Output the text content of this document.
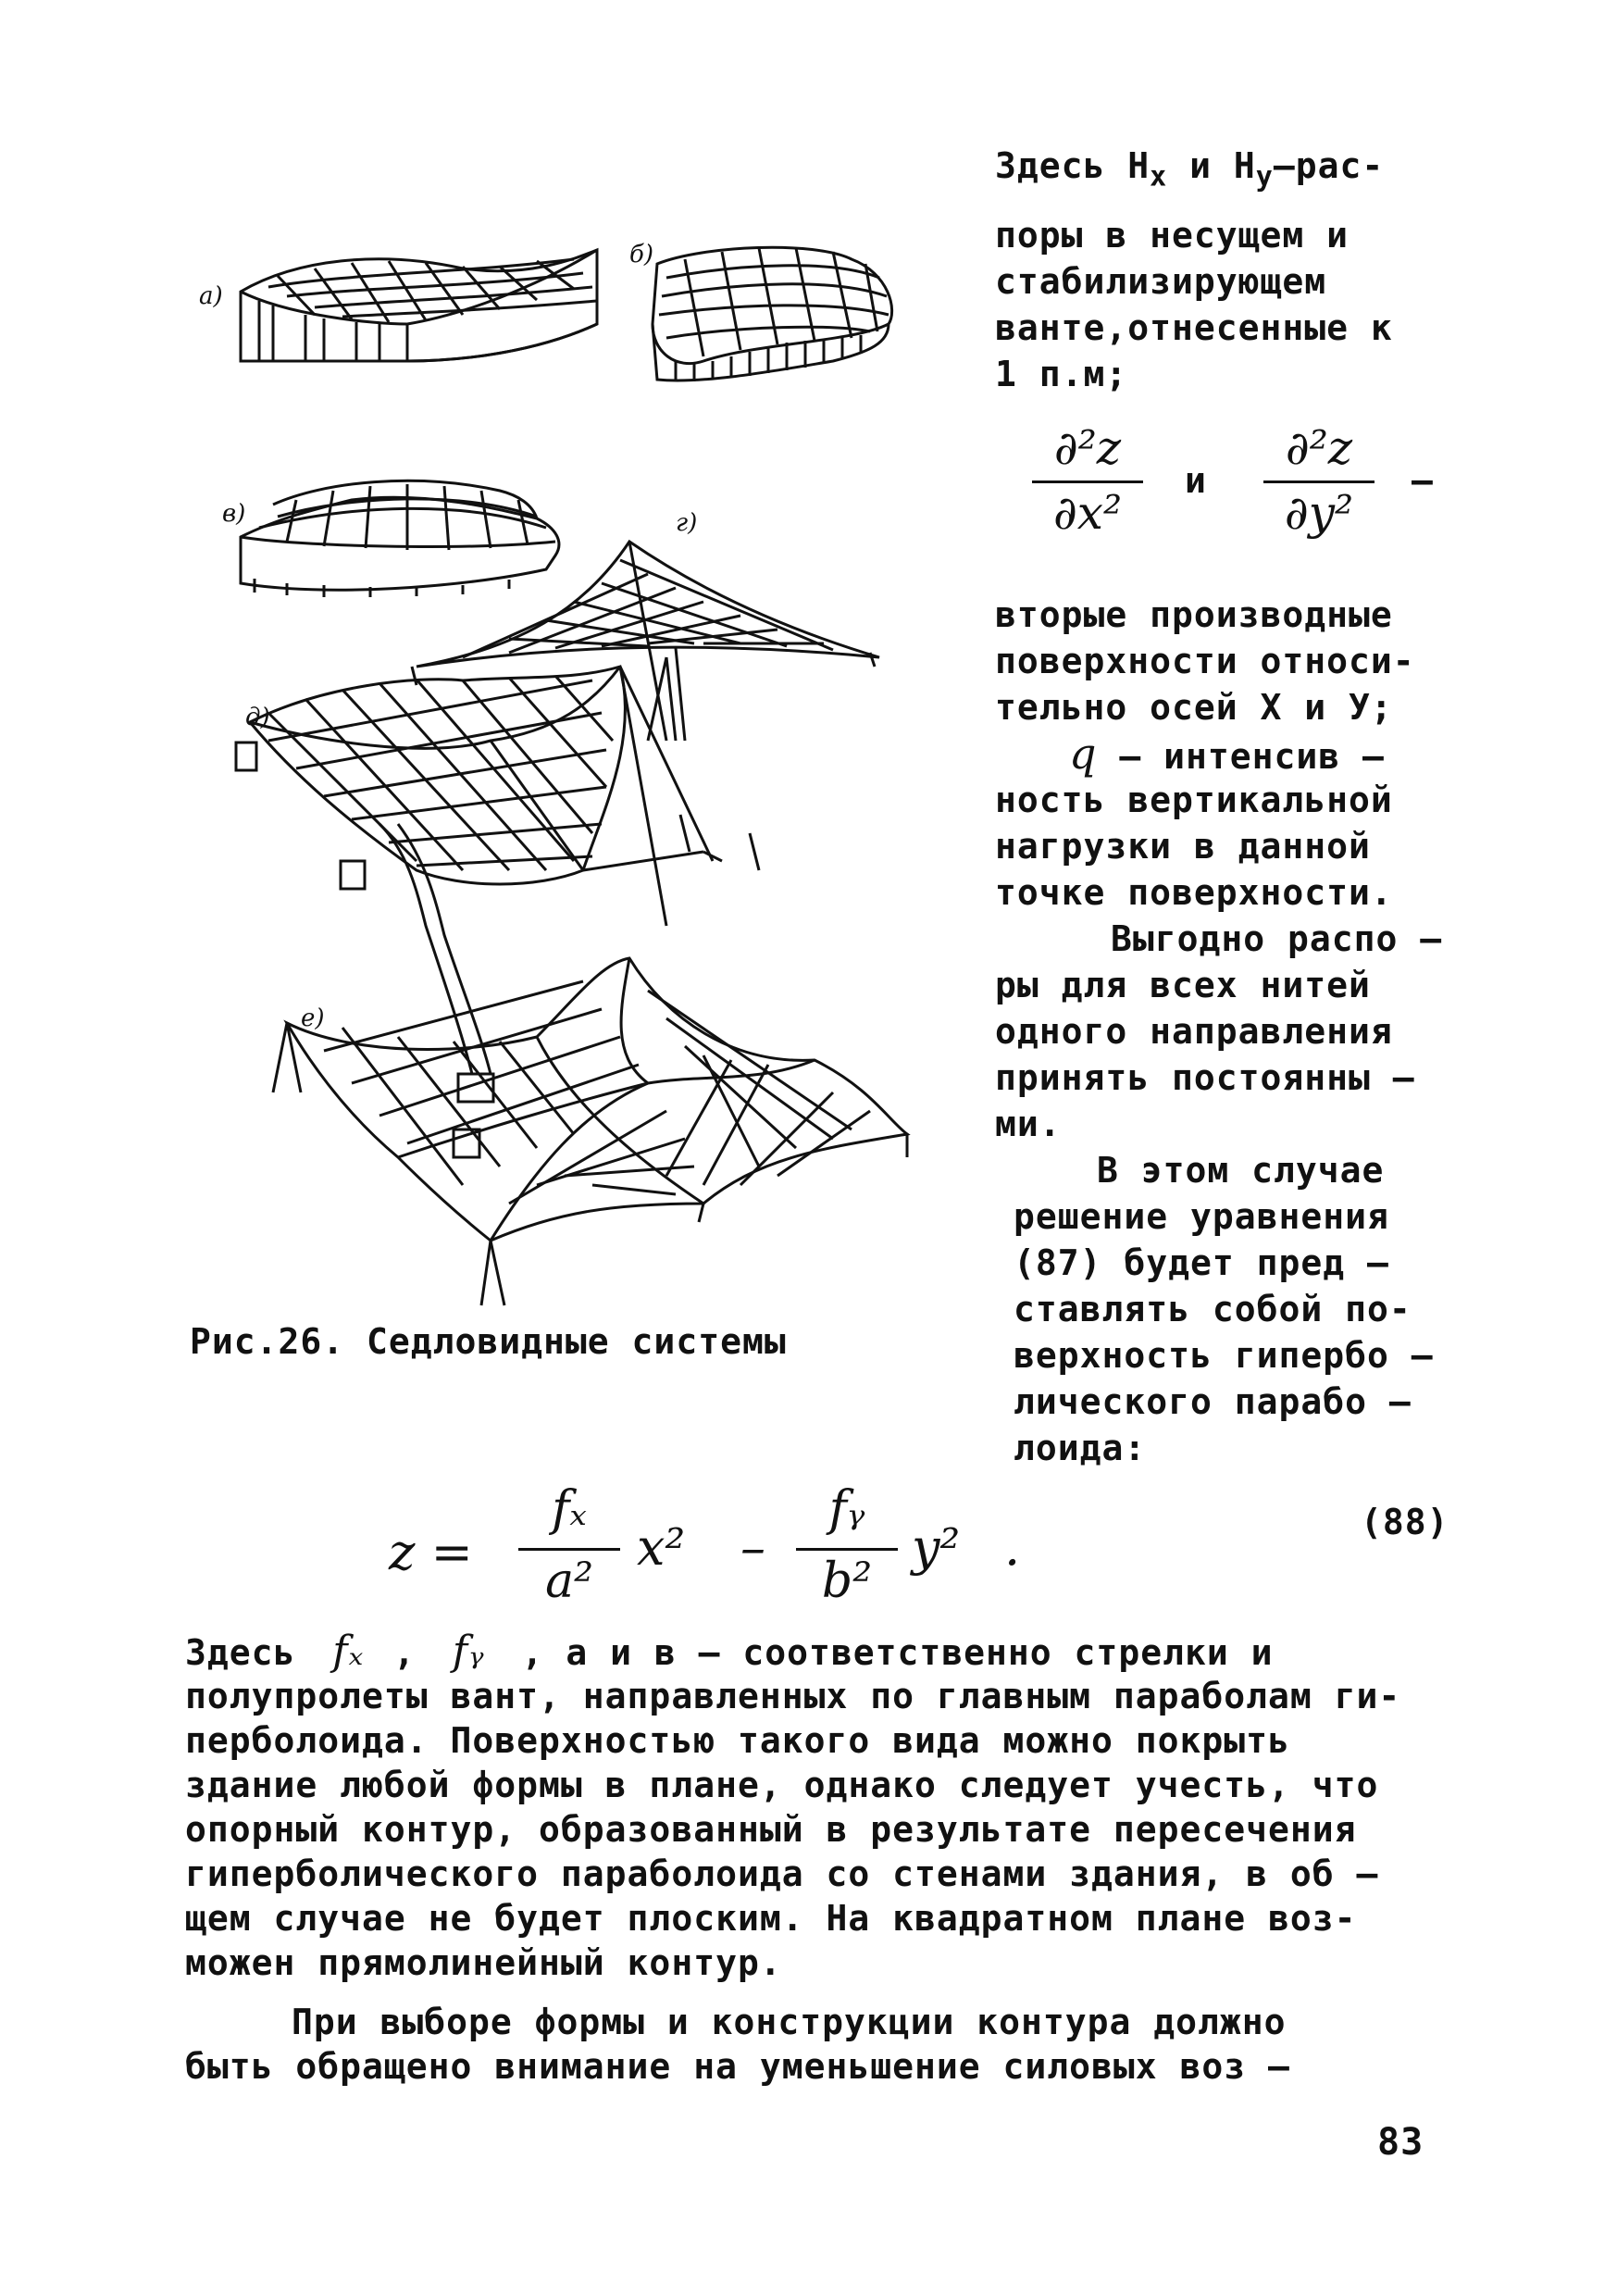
а)
б)
в)	г)
д)
е)
Рис.26. Седловидные системы
Здесь $Н_х$ и $Н_у-рас-$
поры в несущем и
стабилизирующем
ванте,отнесенные к
1 п.м;
∂²z
∂x²
и
∂²z
∂y²
–
вторые производные
поверхности относи-
тельно осей Х и У;
q – интенсив –
ность вертикальной
нагрузки в данной
точке поверхности.
Выгодно распо –
ры для всех нитей
одного направления
принять постоянны –
ми.
В этом случае
решение уравнения
(87) будет пред –
ставлять собой по-
верхность гипербо –
лического парабо –
лоида:
z =
fₓ
a²
x² –
fᵧ
b²
y² .	(88)
Здесь fₓ , fᵧ , а и в – соответственно стрелки и
полупролеты вант, направленных по главным параболам ги-
перболоида. Поверхностью такого вида можно покрыть
здание любой формы в плане, однако следует учесть, что
опорный контур, образованный в результате пересечения
гиперболического параболоида со стенами здания, в об –
щем случае не будет плоским. На квадратном плане воз-
можен прямолинейный контур.
При выборе формы и конструкции контура должно
быть обращено внимание на уменьшение силовых воз –
83
